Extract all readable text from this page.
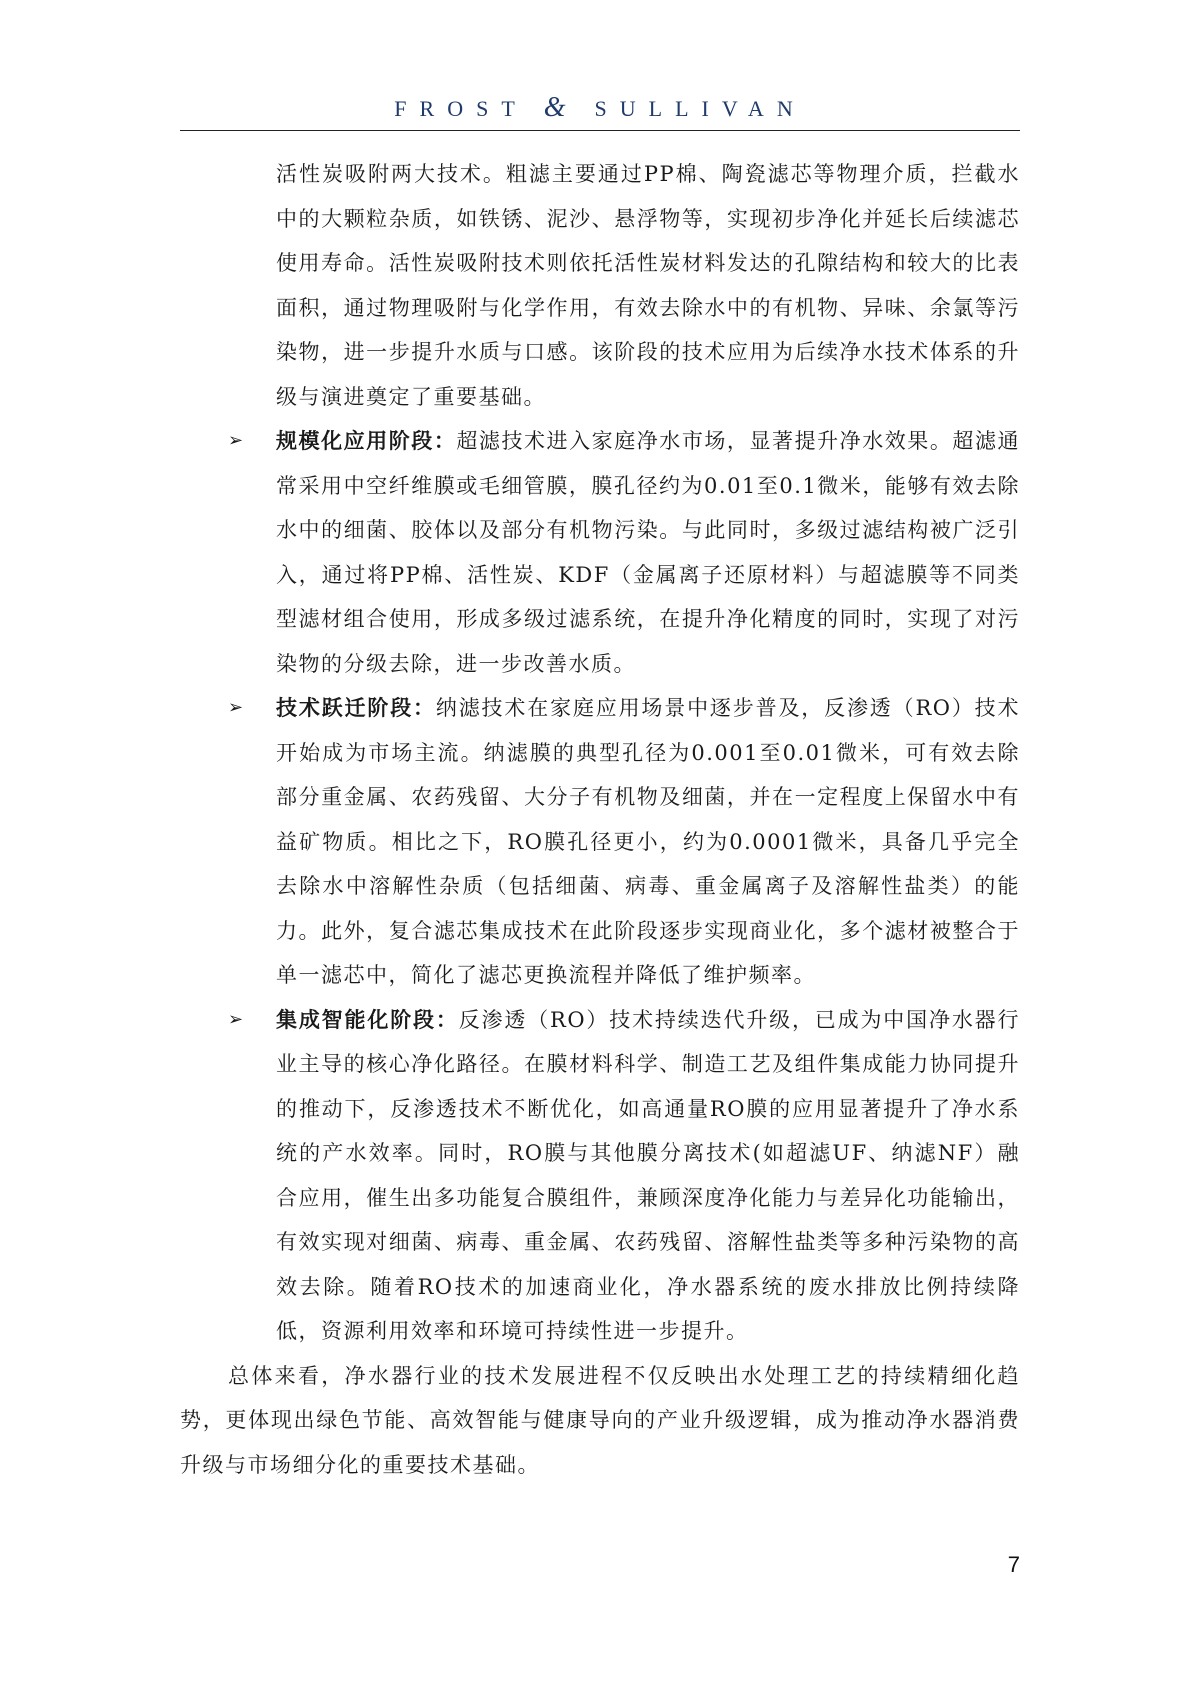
FROST & SULLIVAN

活性炭吸附两大技术。粗滤主要通过PP棉、陶瓷滤芯等物理介质，拦截水中的大颗粒杂质，如铁锈、泥沙、悬浮物等，实现初步净化并延长后续滤芯使用寿命。活性炭吸附技术则依托活性炭材料发达的孔隙结构和较大的比表面积，通过物理吸附与化学作用，有效去除水中的有机物、异味、余氯等污染物，进一步提升水质与口感。该阶段的技术应用为后续净水技术体系的升级与演进奠定了重要基础。

➢ 规模化应用阶段：超滤技术进入家庭净水市场，显著提升净水效果。超滤通常采用中空纤维膜或毛细管膜，膜孔径约为0.01至0.1微米，能够有效去除水中的细菌、胶体以及部分有机物污染。与此同时，多级过滤结构被广泛引入，通过将PP棉、活性炭、KDF（金属离子还原材料）与超滤膜等不同类型滤材组合使用，形成多级过滤系统，在提升净化精度的同时，实现了对污染物的分级去除，进一步改善水质。
➢ 技术跃迁阶段：纳滤技术在家庭应用场景中逐步普及，反渗透（RO）技术开始成为市场主流。纳滤膜的典型孔径为0.001至0.01微米，可有效去除部分重金属、农药残留、大分子有机物及细菌，并在一定程度上保留水中有益矿物质。相比之下，RO膜孔径更小，约为0.0001微米，具备几乎完全去除水中溶解性杂质（包括细菌、病毒、重金属离子及溶解性盐类）的能力。此外，复合滤芯集成技术在此阶段逐步实现商业化，多个滤材被整合于单一滤芯中，简化了滤芯更换流程并降低了维护频率。
➢ 集成智能化阶段：反渗透（RO）技术持续迭代升级，已成为中国净水器行业主导的核心净化路径。在膜材料科学、制造工艺及组件集成能力协同提升的推动下，反渗透技术不断优化，如高通量RO膜的应用显著提升了净水系统的产水效率。同时，RO膜与其他膜分离技术(如超滤UF、纳滤NF）融合应用，催生出多功能复合膜组件，兼顾深度净化能力与差异化功能输出，有效实现对细菌、病毒、重金属、农药残留、溶解性盐类等多种污染物的高效去除。随着RO技术的加速商业化，净水器系统的废水排放比例持续降低，资源利用效率和环境可持续性进一步提升。

总体来看，净水器行业的技术发展进程不仅反映出水处理工艺的持续精细化趋势，更体现出绿色节能、高效智能与健康导向的产业升级逻辑，成为推动净水器消费升级与市场细分化的重要技术基础。

7
